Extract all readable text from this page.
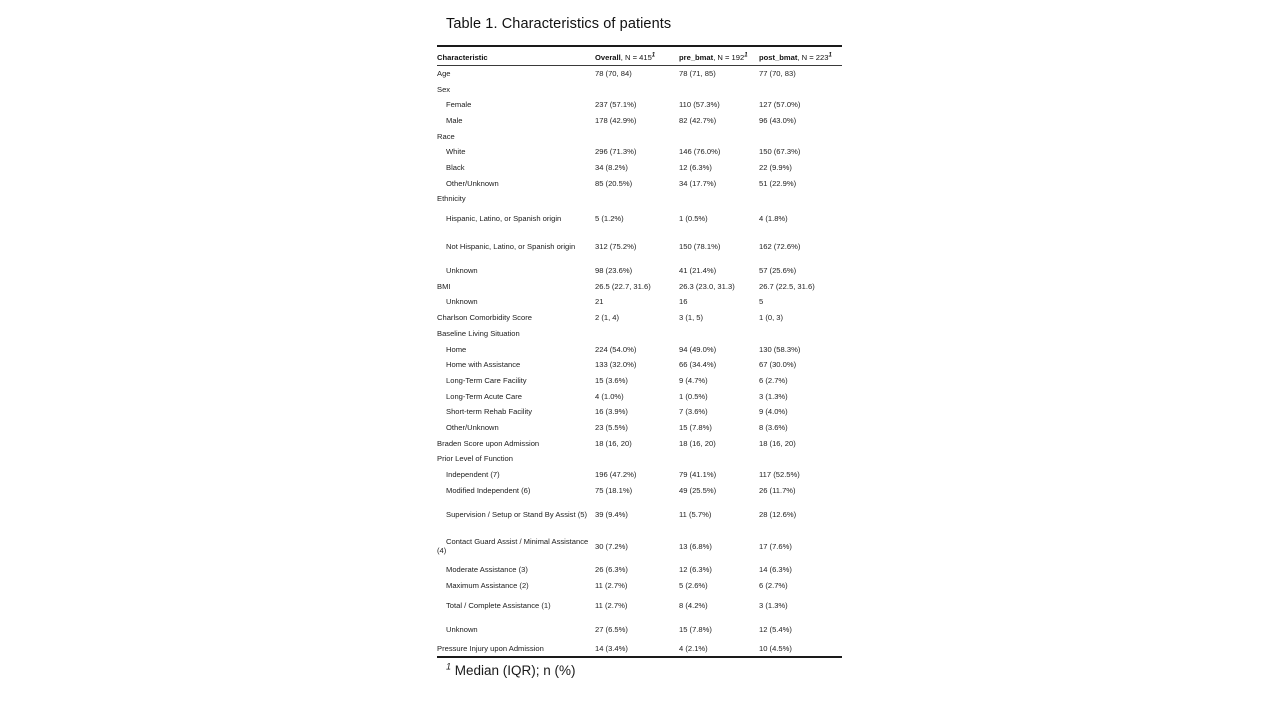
Table 1. Characteristics of patients
Characteristic	Overall, N = 415$^1$	pre_bmat, N = 192$^1$	post_bmat, N = 223$^1$
Age	78 (70, 84)	78 (71, 85)	77 (70, 83)
Sex			
Female	237 (57.1%)	110 (57.3%)	127 (57.0%)
Male	178 (42.9%)	82 (42.7%)	96 (43.0%)
Race			
White	296 (71.3%)	146 (76.0%)	150 (67.3%)
Black	34 (8.2%)	12 (6.3%)	22 (9.9%)
Other/Unknown	85 (20.5%)	34 (17.7%)	51 (22.9%)
Ethnicity			
Hispanic, Latino, or Spanish origin	5 (1.2%)	1 (0.5%)	4 (1.8%)
Not Hispanic, Latino, or Spanish origin	312 (75.2%)	150 (78.1%)	162 (72.6%)
Unknown	98 (23.6%)	41 (21.4%)	57 (25.6%)
BMI	26.5 (22.7, 31.6)	26.3 (23.0, 31.3)	26.7 (22.5, 31.6)
Unknown	21	16	5
Charlson Comorbidity Score	2 (1, 4)	3 (1, 5)	1 (0, 3)
Baseline Living Situation			
Home	224 (54.0%)	94 (49.0%)	130 (58.3%)
Home with Assistance	133 (32.0%)	66 (34.4%)	67 (30.0%)
Long-Term Care Facility	15 (3.6%)	9 (4.7%)	6 (2.7%)
Long-Term Acute Care	4 (1.0%)	1 (0.5%)	3 (1.3%)
Short-term Rehab Facility	16 (3.9%)	7 (3.6%)	9 (4.0%)
Other/Unknown	23 (5.5%)	15 (7.8%)	8 (3.6%)
Braden Score upon Admission	18 (16, 20)	18 (16, 20)	18 (16, 20)
Prior Level of Function			
Independent (7)	196 (47.2%)	79 (41.1%)	117 (52.5%)
Modified Independent (6)	75 (18.1%)	49 (25.5%)	26 (11.7%)
Supervision / Setup or Stand By Assist (5)	39 (9.4%)	11 (5.7%)	28 (12.6%)
Contact Guard Assist / Minimal Assistance (4)	30 (7.2%)	13 (6.8%)	17 (7.6%)
Moderate Assistance (3)	26 (6.3%)	12 (6.3%)	14 (6.3%)
Maximum Assistance (2)	11 (2.7%)	5 (2.6%)	6 (2.7%)
Total / Complete Assistance (1)	11 (2.7%)	8 (4.2%)	3 (1.3%)
Unknown	27 (6.5%)	15 (7.8%)	12 (5.4%)
Pressure Injury upon Admission	14 (3.4%)	4 (2.1%)	10 (4.5%)
$^1$ Median (IQR); n (%)
